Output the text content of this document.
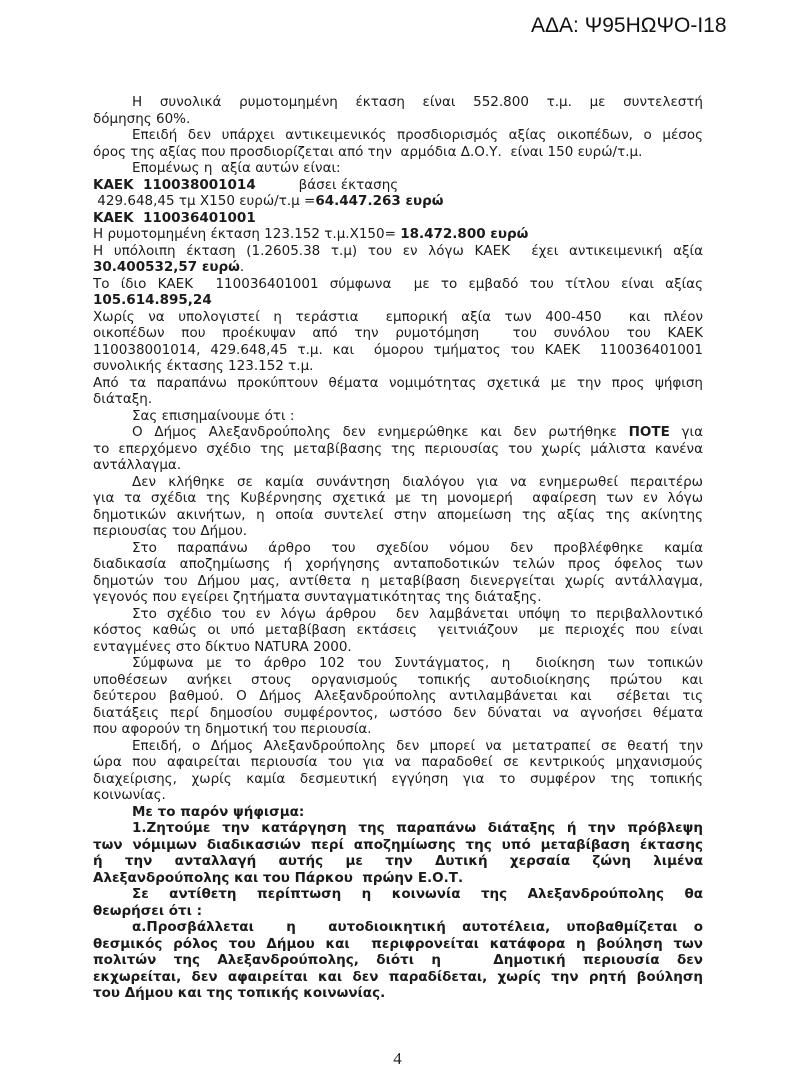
ΑΔΑ: Ψ95ΗΩΨΟ-Ι18
Η συνολικά ρυμοτομημένη έκταση είναι 552.800 τ.μ. με συντελεστή
δόμησης 60%.
Επειδή δεν υπάρχει αντικειμενικός προσδιορισμός αξίας οικοπέδων, ο μέσος
όρος της αξίας που προσδιορίζεται από την  αρμόδια Δ.Ο.Υ.  είναι 150 ευρώ/τ.μ.
Επομένως η  αξία αυτών είναι:
ΚΑΕΚ  110038001014          βάσει έκτασης
429.648,45 τμ Χ150 ευρώ/τ.μ =64.447.263 ευρώ
ΚΑΕΚ  110036401001
Η ρυμοτομημένη έκταση 123.152 τ.μ.Χ150= 18.472.800 ευρώ
Η υπόλοιπη έκταση (1.2605.38 τ.μ) του εν λόγω ΚΑΕΚ  έχει αντικειμενική αξία
30.400532,57 ευρώ.
Το ίδιο ΚΑΕΚ  110036401001 σύμφωνα  με το εμβαδό του τίτλου είναι αξίας
105.614.895,24
Χωρίς να υπολογιστεί η τεράστια  εμπορική αξία των 400-450  και πλέον
οικοπέδων που προέκυψαν από την ρυμοτόμηση  του συνόλου του ΚΑΕΚ
110038001014, 429.648,45 τ.μ. και  όμορου τμήματος του ΚΑΕΚ  110036401001
συνολικής έκτασης 123.152 τ.μ.
Από τα παραπάνω προκύπτουν θέματα νομιμότητας σχετικά με την προς ψήφιση
διάταξη.
Σας επισημαίνουμε ότι :
Ο Δήμος Αλεξανδρούπολης δεν ενημερώθηκε και δεν ρωτήθηκε ΠΟΤΕ για
το επερχόμενο σχέδιο της μεταβίβασης της περιουσίας του χωρίς μάλιστα κανένα
αντάλλαγμα.
Δεν κλήθηκε σε καμία συνάντηση διαλόγου για να ενημερωθεί περαιτέρω
για τα σχέδια της Κυβέρνησης σχετικά με τη μονομερή  αφαίρεση των εν λόγω
δημοτικών ακινήτων, η οποία συντελεί στην απομείωση της αξίας της ακίνητης
περιουσίας του Δήμου.
Στο παραπάνω άρθρο του σχεδίου νόμου δεν προβλέφθηκε καμία
διαδικασία αποζημίωσης ή χορήγησης ανταποδοτικών τελών προς όφελος των
δημοτών του Δήμου μας, αντίθετα η μεταβίβαση διενεργείται χωρίς αντάλλαγμα,
γεγονός που εγείρει ζητήματα συνταγματικότητας της διάταξης.
Στο σχέδιο του εν λόγω άρθρου  δεν λαμβάνεται υπόψη το περιβαλλοντικό
κόστος καθώς οι υπό μεταβίβαση εκτάσεις  γειτνιάζουν  με περιοχές που είναι
ενταγμένες στο δίκτυο NATURA 2000.
Σύμφωνα με το άρθρο 102 του Συντάγματος, η  διοίκηση των τοπικών
υποθέσεων ανήκει στους οργανισμούς τοπικής αυτοδιοίκησης πρώτου και
δεύτερου βαθμού. Ο Δήμος Αλεξανδρούπολης αντιλαμβάνεται και  σέβεται τις
διατάξεις περί δημοσίου συμφέροντος, ωστόσο δεν δύναται να αγνοήσει θέματα
που αφορούν τη δημοτική του περιουσία.
Επειδή, ο Δήμος Αλεξανδρούπολης δεν μπορεί να μετατραπεί σε θεατή την
ώρα που αφαιρείται περιουσία του για να παραδοθεί σε κεντρικούς μηχανισμούς
διαχείρισης, χωρίς καμία δεσμευτική εγγύηση για το συμφέρον της τοπικής
κοινωνίας.
Με το παρόν ψήφισμα:
1.Ζητούμε την κατάργηση της παραπάνω διάταξης ή την πρόβλεψη
των νόμιμων διαδικασιών περί αποζημίωσης της υπό μεταβίβαση έκτασης
ή την ανταλλαγή αυτής με την Δυτική χερσαία ζώνη λιμένα
Αλεξανδρούπολης και του Πάρκου  πρώην Ε.Ο.Τ.
Σε αντίθετη περίπτωση η κοινωνία της Αλεξανδρούπολης θα
θεωρήσει ότι :
α.Προσβάλλεται  η  αυτοδιοικητική αυτοτέλεια, υποβαθμίζεται ο
θεσμικός ρόλος του Δήμου και  περιφρονείται κατάφορα η βούληση των
πολιτών της Αλεξανδρούπολης, διότι η   Δημοτική περιουσία δεν
εκχωρείται, δεν αφαιρείται και δεν παραδίδεται, χωρίς την ρητή βούληση
του Δήμου και της τοπικής κοινωνίας.
4
